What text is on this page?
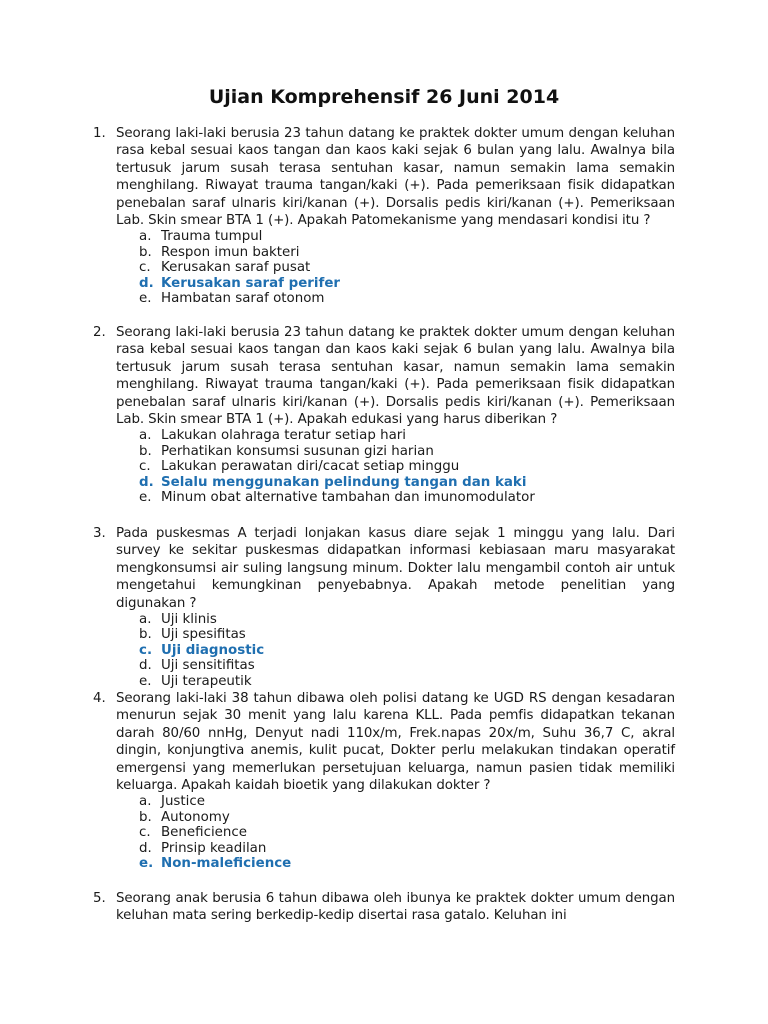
Ujian Komprehensif 26 Juni 2014
1. Seorang laki-laki berusia 23 tahun datang ke praktek dokter umum dengan keluhan rasa kebal sesuai kaos tangan dan kaos kaki sejak 6 bulan yang lalu. Awalnya bila tertusuk jarum susah terasa sentuhan kasar, namun semakin lama semakin menghilang. Riwayat trauma tangan/kaki (+). Pada pemeriksaan fisik didapatkan penebalan saraf ulnaris kiri/kanan (+). Dorsalis pedis kiri/kanan (+). Pemeriksaan Lab. Skin smear BTA 1 (+). Apakah Patomekanisme yang mendasari kondisi itu ?
a. Trauma tumpul
b. Respon imun bakteri
c. Kerusakan saraf pusat
d. Kerusakan saraf perifer
e. Hambatan saraf otonom
2. Seorang laki-laki berusia 23 tahun datang ke praktek dokter umum dengan keluhan rasa kebal sesuai kaos tangan dan kaos kaki sejak 6 bulan yang lalu. Awalnya bila tertusuk jarum susah terasa sentuhan kasar, namun semakin lama semakin menghilang. Riwayat trauma tangan/kaki (+). Pada pemeriksaan fisik didapatkan penebalan saraf ulnaris kiri/kanan (+). Dorsalis pedis kiri/kanan (+). Pemeriksaan Lab. Skin smear BTA 1 (+). Apakah edukasi yang harus diberikan ?
a. Lakukan olahraga teratur setiap hari
b. Perhatikan konsumsi susunan gizi harian
c. Lakukan perawatan diri/cacat setiap minggu
d. Selalu menggunakan pelindung tangan dan kaki
e. Minum obat alternative tambahan dan imunomodulator
3. Pada puskesmas A terjadi lonjakan kasus diare sejak 1 minggu yang lalu. Dari survey ke sekitar puskesmas didapatkan informasi kebiasaan maru masyarakat mengkonsumsi air suling langsung minum. Dokter lalu mengambil contoh air untuk mengetahui kemungkinan penyebabnya. Apakah metode penelitian yang digunakan ?
a. Uji klinis
b. Uji spesifitas
c. Uji diagnostic
d. Uji sensitifitas
e. Uji terapeutik
4. Seorang laki-laki 38 tahun dibawa oleh polisi datang ke UGD RS dengan kesadaran menurun sejak 30 menit yang lalu karena KLL. Pada pemfis didapatkan tekanan darah 80/60 nnHg, Denyut nadi 110x/m, Frek.napas 20x/m, Suhu 36,7 C, akral dingin, konjungtiva anemis, kulit pucat, Dokter perlu melakukan tindakan operatif emergensi yang memerlukan persetujuan keluarga, namun pasien tidak memiliki keluarga. Apakah kaidah bioetik yang dilakukan dokter ?
a. Justice
b. Autonomy
c. Beneficience
d. Prinsip keadilan
e. Non-maleficience
5. Seorang anak berusia 6 tahun dibawa oleh ibunya ke praktek dokter umum dengan keluhan mata sering berkedip-kedip disertai rasa gatalo. Keluhan ini
